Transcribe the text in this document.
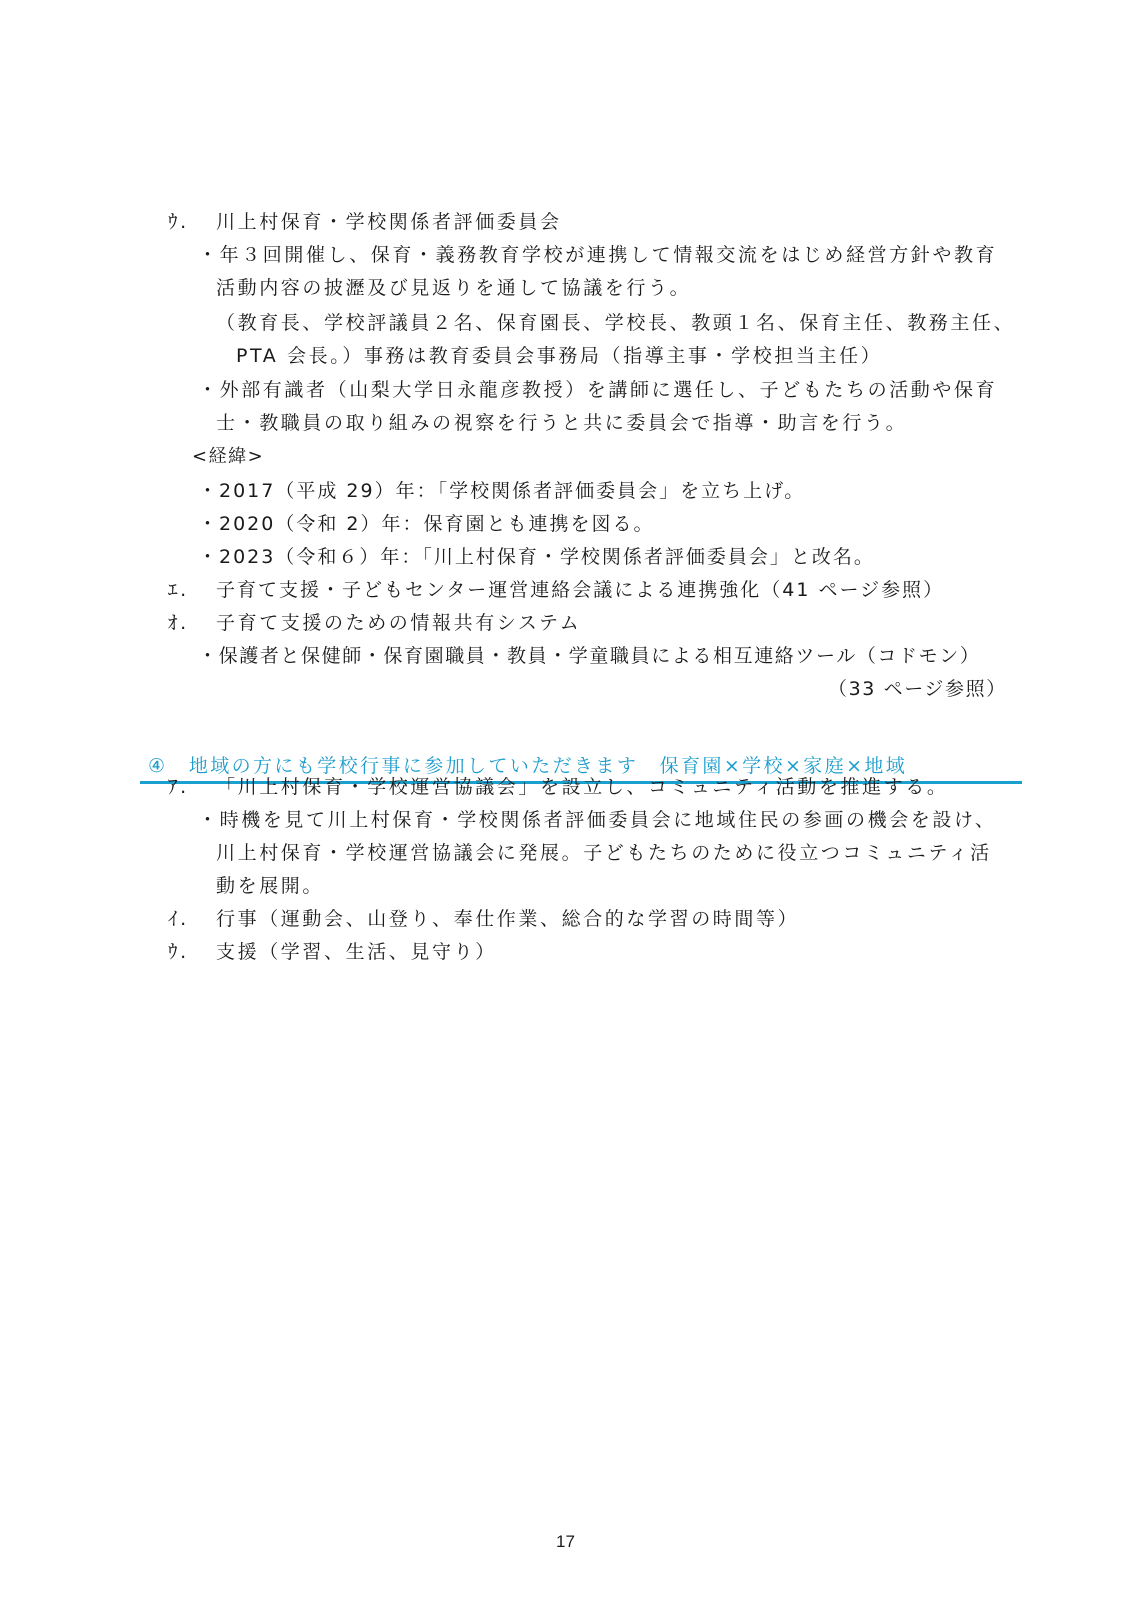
ｳ. 川上村保育・学校関係者評価委員会
・年３回開催し、保育・義務教育学校が連携して情報交流をはじめ経営方針や教育
活動内容の披瀝及び見返りを通して協議を行う。
（教育長、学校評議員２名、保育園長、学校長、教頭１名、保育主任、教務主任、
PTA 会長。）事務は教育委員会事務局（指導主事・学校担当主任）
・外部有識者（山梨大学日永龍彦教授）を講師に選任し、子どもたちの活動や保育
士・教職員の取り組みの視察を行うと共に委員会で指導・助言を行う。
<経緯>
・2017（平成 29）年：「学校関係者評価委員会」を立ち上げ。
・2020（令和 2）年：保育園とも連携を図る。
・2023（令和６）年：「川上村保育・学校関係者評価委員会」と改名。
ｴ. 子育て支援・子どもセンター運営連絡会議による連携強化（41 ページ参照）
ｵ. 子育て支援のための情報共有システム
・保護者と保健師・保育園職員・教員・学童職員による相互連絡ツール（コドモン）
（33 ページ参照）
④　地域の方にも学校行事に参加していただきます　保育園×学校×家庭×地域
ｱ. 「川上村保育・学校運営協議会」を設立し、コミュニティ活動を推進する。
・時機を見て川上村保育・学校関係者評価委員会に地域住民の参画の機会を設け、
川上村保育・学校運営協議会に発展。子どもたちのために役立つコミュニティ活
動を展開。
ｲ. 行事（運動会、山登り、奉仕作業、総合的な学習の時間等）
ｳ. 支援（学習、生活、見守り）
17
